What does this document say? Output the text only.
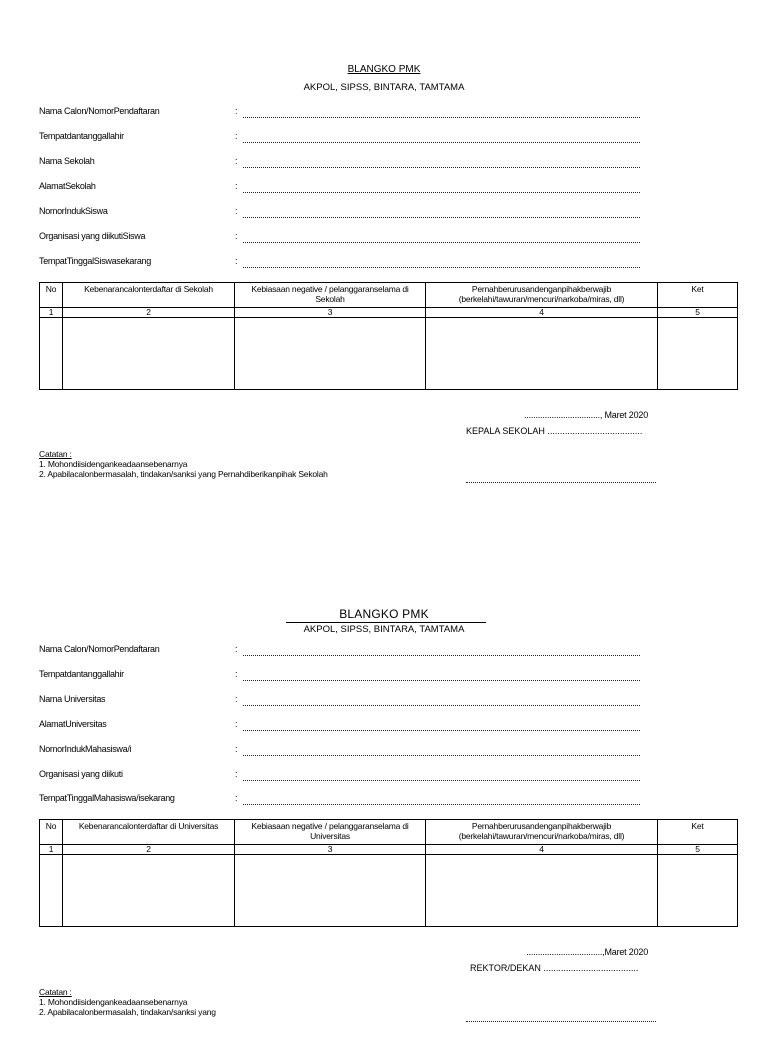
BLANGKO PMK
AKPOL, SIPSS, BINTARA, TAMTAMA
Nama Calon/NomorPendaftaran	:
Tempatdantanggallahir	:
Nama Sekolah	:
AlamatSekolah	:
NomorIndukSiswa	:
Organisasi yang diikutiSiswa	:
TempatTinggalSiswasekarang	:
No	Kebenarancalonterdaftar di Sekolah	Kebiasaan negative / pelanggaranselama di Sekolah	Pernahberurusandenganpihakberwajib (berkelahi/tawuran/mencuri/narkoba/miras, dll)	Ket
1	2	3	4	5

................................., Maret 2020
KEPALA SEKOLAH ......................................
Catatan :
1. Mohondiisidengankeadaansebenarnya
2. Apabilacalonbermasalah, tindakan/sanksi yang Pernahdiberikanpihak Sekolah
BLANGKO PMK
AKPOL, SIPSS, BINTARA, TAMTAMA
Nama Calon/NomorPendaftaran	:
Tempatdantanggallahir	:
Nama Universitas	:
AlamatUniversitas	:
NomorIndukMahasiswa/i	:
Organisasi yang diikuti	:
TempatTinggalMahasiswa/isekarang	:
No	Kebenarancalonterdaftar di Universitas	Kebiasaan negative / pelanggaranselama di Universitas	Pernahberurusandenganpihakberwajib (berkelahi/tawuran/mencuri/narkoba/miras, dll)	Ket
1	2	3	4	5

.................................,Maret 2020
REKTOR/DEKAN ......................................
Catatan :
1. Mohondiisidengankeadaansebenarnya
2. Apabilacalonbermasalah, tindakan/sanksi yang
